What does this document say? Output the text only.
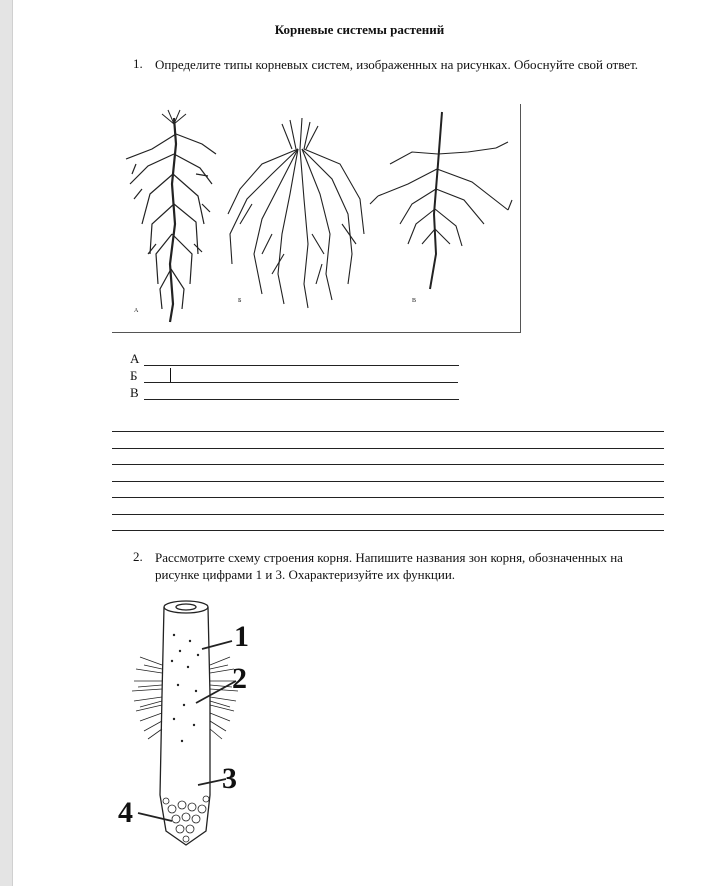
Корневые системы растений
1. Определите типы корневых систем, изображенных на рисунках. Обоснуйте свой ответ.
А
Б	В
А
Б
В
2. Рассмотрите схему строения корня. Напишите названия зон корня, обозначенных на рисунке цифрами 1 и 3. Охарактеризуйте их функции.
1
2
3
4
